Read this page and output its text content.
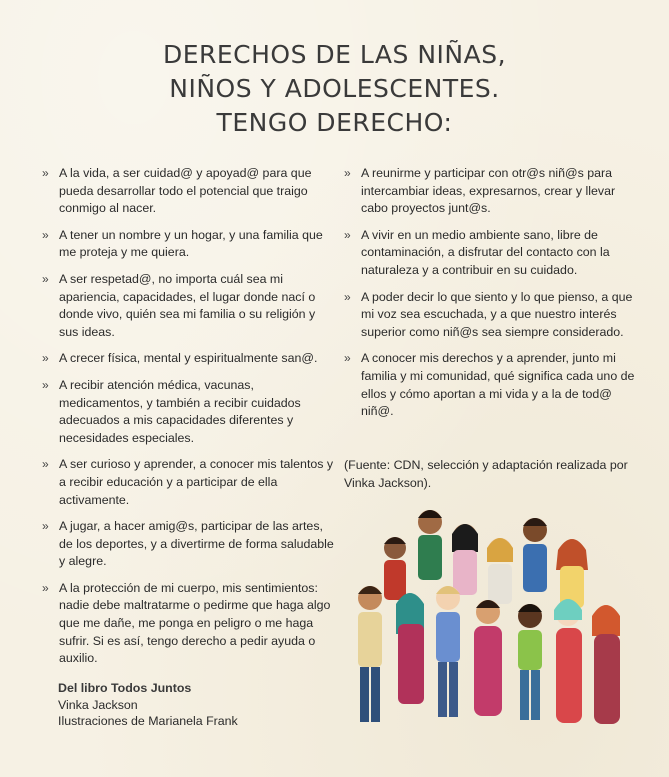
DERECHOS DE LAS NIÑAS,
NIÑOS Y ADOLESCENTES.
TENGO DERECHO:
» A la vida, a ser cuidad@ y apoyad@ para que pueda desarrollar todo el potencial que traigo conmigo al nacer.
» A tener un nombre y un hogar, y una familia que me proteja y me quiera.
» A ser respetad@, no importa cuál sea mi apariencia, capacidades, el lugar donde nací o donde vivo, quién sea mi familia o su religión y sus ideas.
» A crecer física, mental y espiritualmente san@.
» A recibir atención médica, vacunas, medicamentos, y también a recibir cuidados adecuados a mis capacidades diferentes y necesidades especiales.
» A ser curioso y aprender, a conocer mis talentos y a recibir educación y a participar de ella activamente.
» A jugar, a hacer amig@s, participar de las artes, de los deportes, y a divertirme de forma saludable y alegre.
» A la protección de mi cuerpo, mis sentimientos: nadie debe maltratarme o pedirme que haga algo que me dañe, me ponga en peligro o me haga sufrir. Si es así, tengo derecho a pedir ayuda o auxilio.
» A reunirme y participar con otr@s niñ@s para intercambiar ideas, expresarnos, crear y llevar cabo proyectos junt@s.
» A vivir en un medio ambiente sano, libre de contaminación, a disfrutar del contacto con la naturaleza y a contribuir en su cuidado.
» A poder decir lo que siento y lo que pienso, a que mi voz sea escuchada, y a que nuestro interés superior como niñ@s sea siempre considerado.
» A conocer mis derechos y a aprender, junto mi familia y mi comunidad, qué significa cada uno de ellos y cómo aportan a mi vida y a la de tod@ niñ@.
(Fuente: CDN, selección y adaptación realizada por Vinka Jackson).
Del libro Todos Juntos
Vinka Jackson
Ilustraciones de Marianela Frank
